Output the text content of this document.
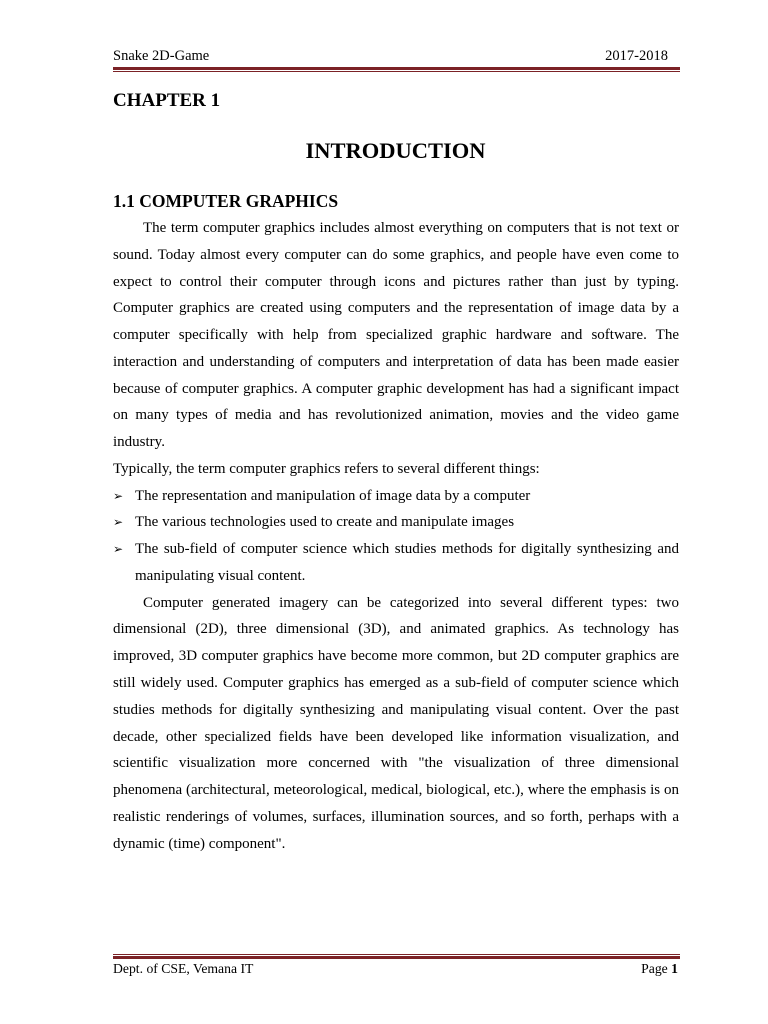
Snake 2D-Game	2017-2018
CHAPTER 1
INTRODUCTION
1.1 COMPUTER GRAPHICS
The term computer graphics includes almost everything on computers that is not text or
sound. Today almost every computer can do some graphics, and people have even come to
expect to control their computer through icons and pictures rather than just by typing.
Computer graphics are created using computers and the representation of image data by a
computer specifically with help from specialized graphic hardware and software. The
interaction and understanding of computers and interpretation of data has been made easier
because of computer graphics. A computer graphic development has had a significant impact
on many types of media and has revolutionized animation, movies and the video game
industry.
Typically, the term computer graphics refers to several different things:
➢ The representation and manipulation of image data by a computer
➢ The various technologies used to create and manipulate images
➢ The sub-field of computer science which studies methods for digitally synthesizing and
manipulating visual content.
Computer generated imagery can be categorized into several different types: two
dimensional (2D), three dimensional (3D), and animated graphics. As technology has
improved, 3D computer graphics have become more common, but 2D computer graphics are
still widely used. Computer graphics has emerged as a sub-field of computer science which
studies methods for digitally synthesizing and manipulating visual content. Over the past
decade, other specialized fields have been developed like information visualization, and
scientific visualization more concerned with "the visualization of three dimensional
phenomena (architectural, meteorological, medical, biological, etc.), where the emphasis is on
realistic renderings of volumes, surfaces, illumination sources, and so forth, perhaps with a
dynamic (time) component".
Dept. of CSE, Vemana IT	Page 1
